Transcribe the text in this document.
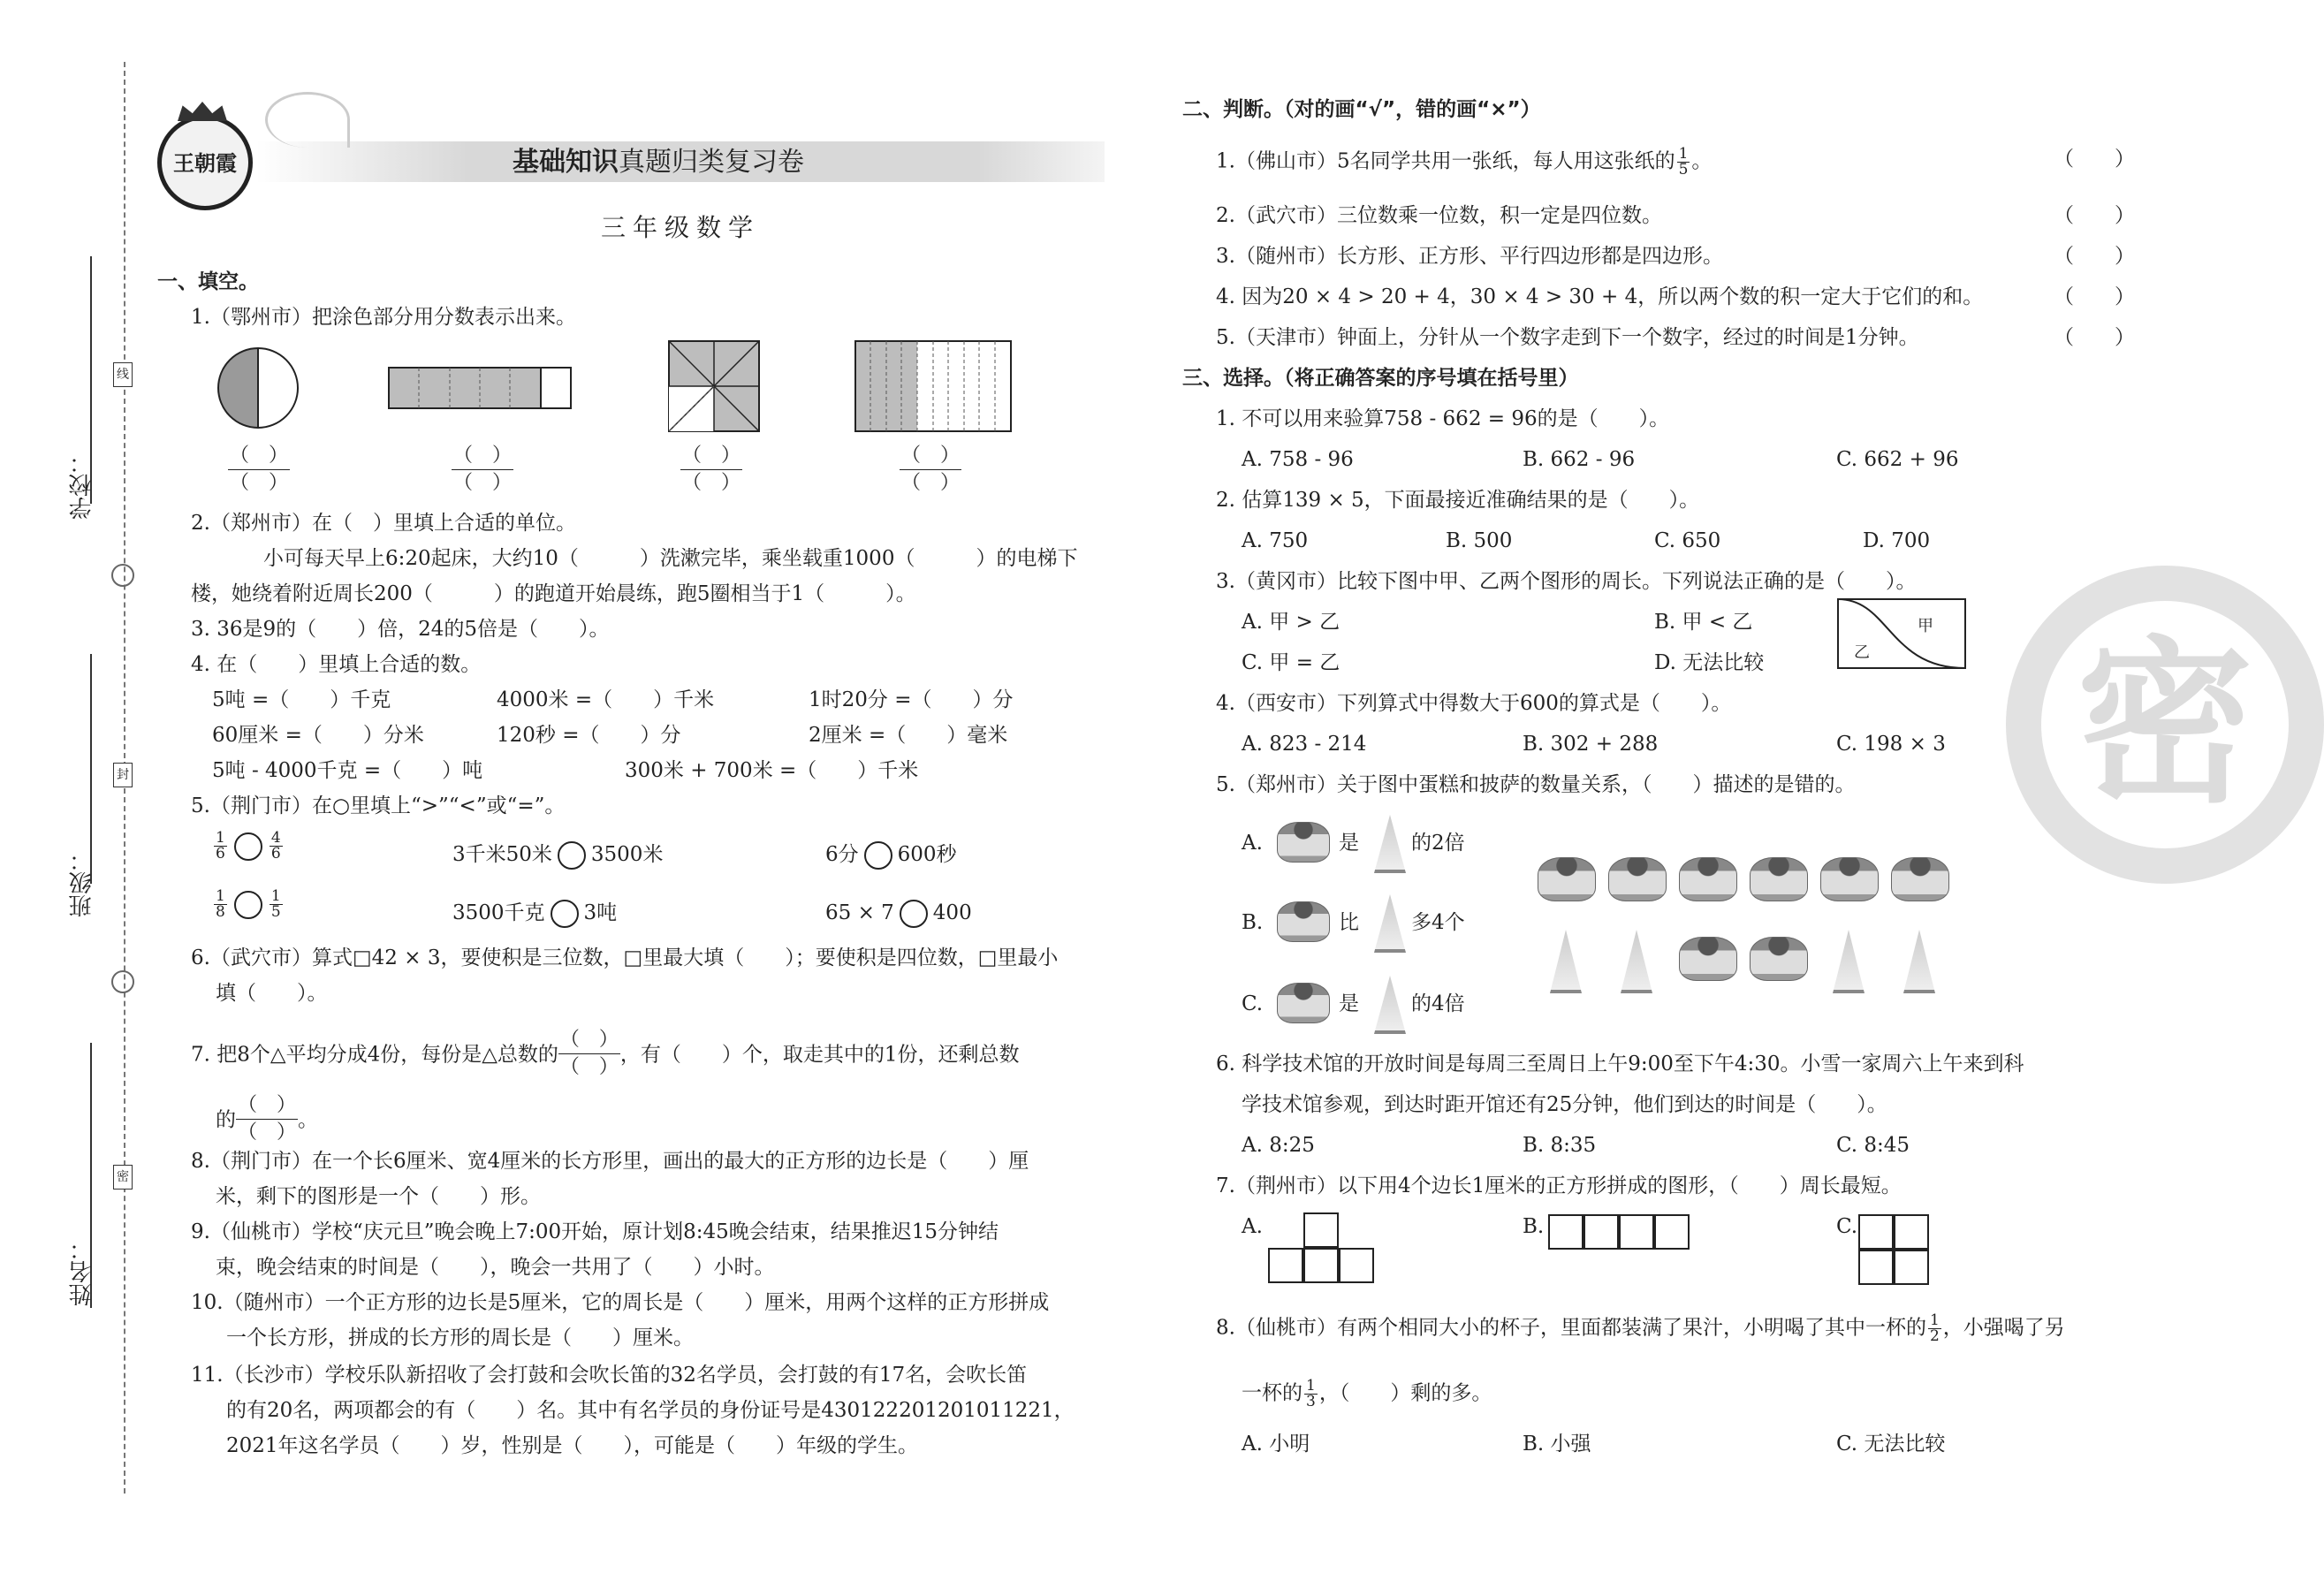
学校：
班级：
姓名：
线
封
密
王朝霞	基础知识真题归类复习卷
三年级数学
一、填空。
1.（鄂州市）把涂色部分用分数表示出来。
（　）
（　）
（　）
（　）
（　）
（　）
（　）
（　）
2.（郑州市）在（　）里填上合适的单位。
小可每天早上6:20起床，大约10（　　　）洗漱完毕，乘坐载重1000（　　　）的电梯下
楼，她绕着附近周长200（　　　）的跑道开始晨练，跑5圈相当于1（　　　）。
3. 36是9的（　　）倍，24的5倍是（　　）。
4. 在（　　）里填上合适的数。
5吨 =（　　）千克	4000米 =（　　）千米	1时20分 =（　　）分
60厘米 =（　　）分米	120秒 =（　　）分	2厘米 =（　　）毫米
5吨 - 4000千克 =（　　）吨	300米 + 700米 =（　　）千米
5.（荆门市）在○里填上“>”“<”或“=”。
$\frac{1}{6}$	$\frac{4}{6}$	3千米50米 3500米	6分 600秒
$\frac{1}{8}$	$\frac{1}{5}$	3500千克 3吨	65 × 7 400
6.（武穴市）算式□42 × 3，要使积是三位数，□里最大填（　　）；要使积是四位数，□里最小
填（　　）。
7. 把8个△平均分成4份，每份是△总数的$\frac{( )}{( )}$，有（　　）个，取走其中的1份，还剩总数
的$\frac{( )}{( )}$。
8.（荆门市）在一个长6厘米、宽4厘米的长方形里，画出的最大的正方形的边长是（　　）厘
米，剩下的图形是一个（　　）形。
9.（仙桃市）学校“庆元旦”晚会晚上7:00开始，原计划8:45晚会结束，结果推迟15分钟结
束，晚会结束的时间是（　　），晚会一共用了（　　）小时。
10.（随州市）一个正方形的边长是5厘米，它的周长是（　　）厘米，用两个这样的正方形拼成
一个长方形，拼成的长方形的周长是（　　）厘米。
11.（长沙市）学校乐队新招收了会打鼓和会吹长笛的32名学员，会打鼓的有17名，会吹长笛
的有20名，两项都会的有（　　）名。其中有名学员的身份证号是430122201201011221，
2021年这名学员（　　）岁，性别是（　　），可能是（　　）年级的学生。
二、判断。（对的画“√”，错的画“×”）
1.（佛山市）5名同学共用一张纸，每人用这张纸的 $\frac{1}{5}$ 。	（　　）
2.（武穴市）三位数乘一位数，积一定是四位数。	（　　）
3.（随州市）长方形、正方形、平行四边形都是四边形。	（　　）
4. 因为20 × 4 > 20 + 4，30 × 4 > 30 + 4，所以两个数的积一定大于它们的和。	（　　）
5.（天津市）钟面上，分针从一个数字走到下一个数字，经过的时间是1分钟。	（　　）
三、选择。（将正确答案的序号填在括号里）
1. 不可以用来验算758 - 662 = 96的是（　　）。
A. 758 - 96	B. 662 - 96	C. 662 + 96
2. 估算139 × 5，下面最接近准确结果的是（　　）。
A. 750	B. 500	C. 650	D. 700
3.（黄冈市）比较下图中甲、乙两个图形的周长。下列说法正确的是（　　）。
A. 甲 > 乙	B. 甲 < 乙
C. 甲 = 乙	D. 无法比较
甲
乙
4.（西安市）下列算式中得数大于600的算式是（　　）。
A. 823 - 214	B. 302 + 288	C. 198 × 3
5.（郑州市）关于图中蛋糕和披萨的数量关系，（　　）描述的是错的。
A.	是	的2倍
B.	比	多4个
C.	是	的4倍
6. 科学技术馆的开放时间是每周三至周日上午9:00至下午4:30。小雪一家周六上午来到科
学技术馆参观，到达时距开馆还有25分钟，他们到达的时间是（　　）。
A. 8:25	B. 8:35	C. 8:45
7.（荆州市）以下用4个边长1厘米的正方形拼成的图形，（　　）周长最短。
A.	B.	C.
8.（仙桃市）有两个相同大小的杯子，里面都装满了果汁，小明喝了其中一杯的 $\frac{1}{2}$ ，小强喝了另
一杯的 $\frac{1}{3}$ ，（　　）剩的多。
A. 小明	B. 小强	C. 无法比较
密
